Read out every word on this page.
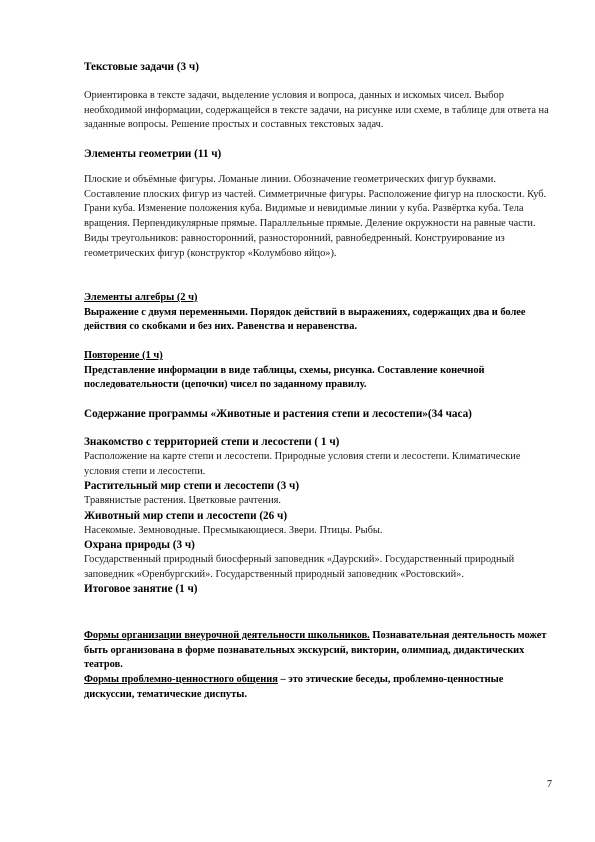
Текстовые задачи (3 ч)

Ориентировка в тексте задачи, выделение условия и вопроса, данных и искомых чисел. Выбор необходимой информации, содержащейся в тексте задачи, на рисунке или схеме, в таблице для ответа на заданные вопросы. Решение простых и составных текстовых задач.

Элементы геометрии (11 ч)

Плоские и объёмные фигуры. Ломаные линии. Обозначение геометрических фигур буквами. Составление плоских фигур из частей. Симметричные фигуры. Расположение фигур на плоскости. Куб. Грани куба. Изменение положения куба. Видимые и невидимые линии у куба. Развёртка куба. Тела вращения. Перпендикулярные прямые. Параллельные прямые. Деление окружности на равные части. Виды треугольников: равносторонний, разносторонний, равнобедренный. Конструирование из геометрических фигур (конструктор «Колумбово яйцо»).

Элементы алгебры (2 ч)

Выражение с двумя переменными. Порядок действий в выражениях, содержащих два и более действия со скобками и без них. Равенства и неравенства.

Повторение (1 ч)

Представление информации в виде таблицы, схемы, рисунка. Составление конечной последовательности (цепочки) чисел по заданному правилу.

Содержание программы «Животные и растения степи и лесостепи»(34 часа)

Знакомство с территорией степи и лесостепи ( 1 ч)

Расположение на карте степи и лесостепи. Природные условия степи и лесостепи. Климатические условия степи и лесостепи.

Растительный мир степи и лесостепи (3 ч)

Травянистые растения. Цветковые рачтения.

Животный мир степи и лесостепи (26 ч)

Насекомые. Земноводные. Пресмыкающиеся. Звери. Птицы. Рыбы.

Охрана природы (3 ч)

Государственный природный биосферный заповедник «Даурский». Государственный природный заповедник «Оренбургский». Государственный природный заповедник «Ростовский».

Итоговое занятие (1 ч)

Формы организации внеурочной деятельности школьников. Познавательная деятельность может быть организована в форме познавательных экскурсий, викторин, олимпиад, дидактических театров.

Формы проблемно-ценностного общения – это этические беседы, проблемно-ценностные дискуссии, тематические диспуты.

7
